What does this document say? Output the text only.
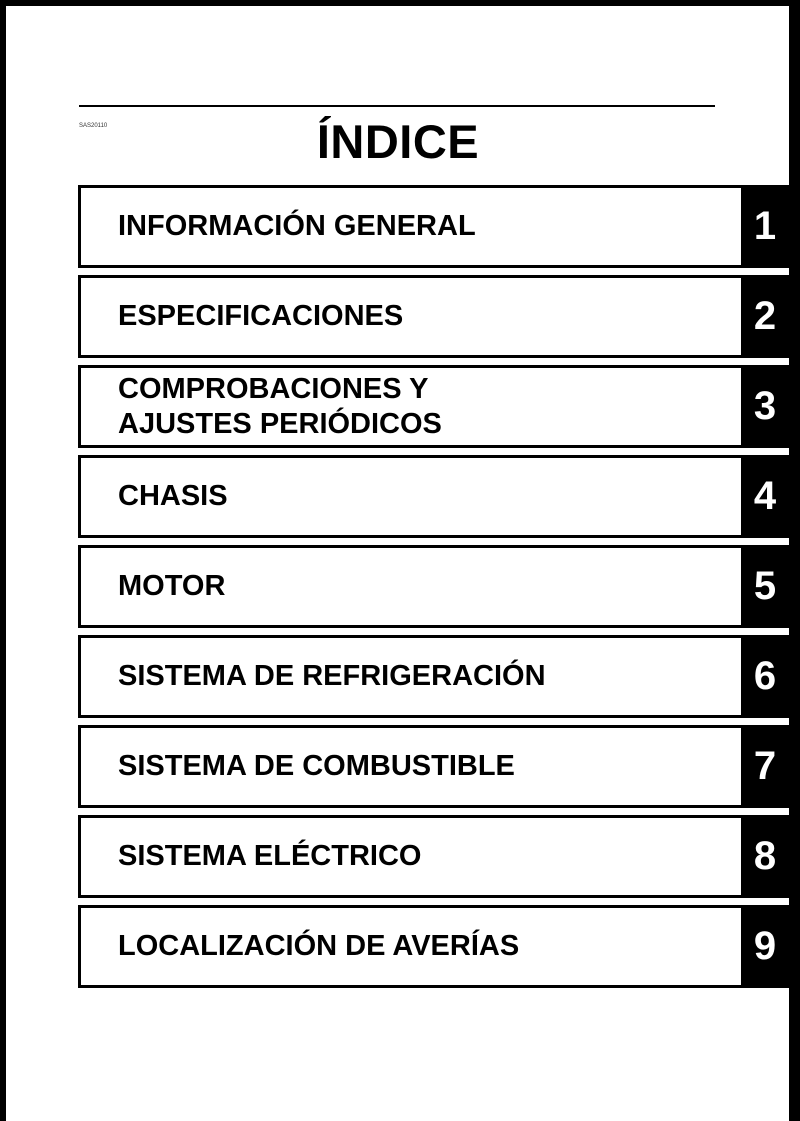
SAS20110	ÍNDICE
INFORMACIÓN GENERAL	1
ESPECIFICACIONES	2
COMPROBACIONES Y
AJUSTES PERIÓDICOS	3
CHASIS	4
MOTOR	5
SISTEMA DE REFRIGERACIÓN	6
SISTEMA DE COMBUSTIBLE	7
SISTEMA ELÉCTRICO	8
LOCALIZACIÓN DE AVERÍAS	9
